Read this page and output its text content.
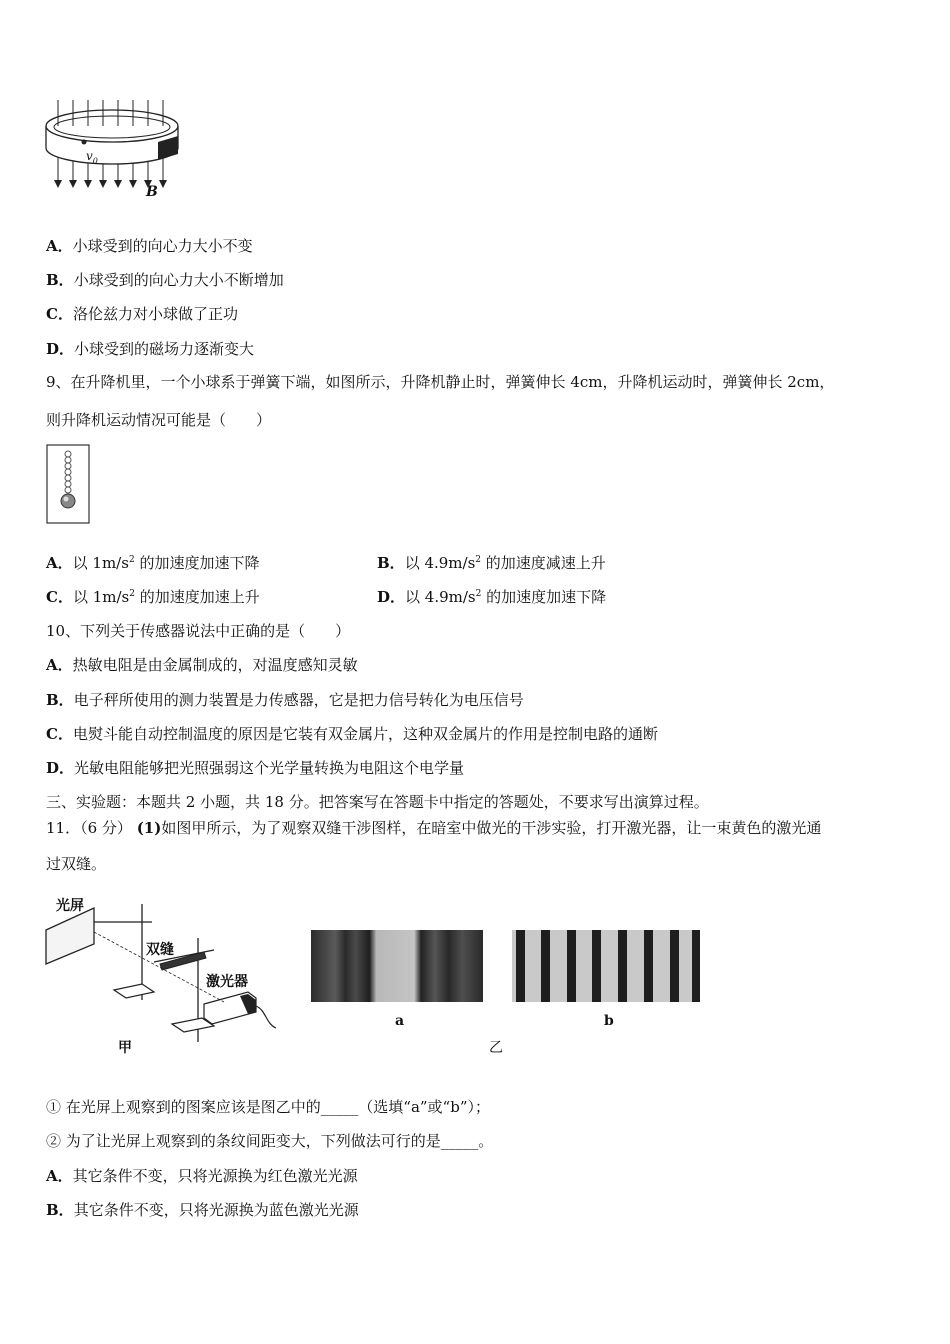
$v_0$
B
A．小球受到的向心力大小不变
B．小球受到的向心力大小不断增加
C．洛伦兹力对小球做了正功
D．小球受到的磁场力逐渐变大
9、在升降机里，一个小球系于弹簧下端，如图所示，升降机静止时，弹簧伸长 4cm，升降机运动时，弹簧伸长 2cm，
则升降机运动情况可能是（　　）
A．以 $1m/s^2$ 的加速度加速下降	B．以 $4.9m/s^2$ 的加速度减速上升
C．以 $1m/s^2$ 的加速度加速上升	D．以 $4.9m/s^2$ 的加速度加速下降
10、下列关于传感器说法中正确的是（　　）
A．热敏电阻是由金属制成的，对温度感知灵敏
B．电子秤所使用的测力装置是力传感器，它是把力信号转化为电压信号
C．电熨斗能自动控制温度的原因是它装有双金属片，这种双金属片的作用是控制电路的通断
D．光敏电阻能够把光照强弱这个光学量转换为电阻这个电学量
三、实验题：本题共 2 小题，共 18 分。把答案写在答题卡中指定的答题处，不要求写出演算过程。
11．（6 分） (1)如图甲所示，为了观察双缝干涉图样，在暗室中做光的干涉实验，打开激光器，让一束黄色的激光通
过双缝。
光屏
双缝
激光器
甲
a	b
乙
① 在光屏上观察到的图案应该是图乙中的_____（选填“a”或“b”）；
② 为了让光屏上观察到的条纹间距变大，下列做法可行的是_____。
A．其它条件不变，只将光源换为红色激光光源
B．其它条件不变，只将光源换为蓝色激光光源
